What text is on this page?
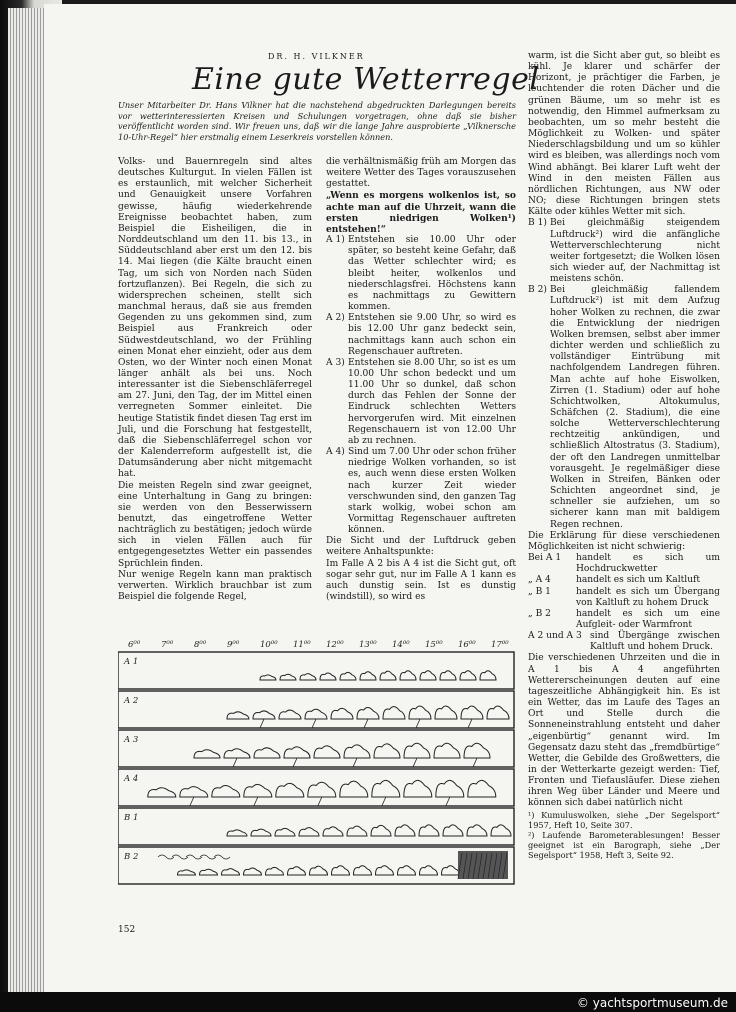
DR. H. VILKNER
Eine gute Wetterregel
Unser Mitarbeiter Dr. Hans Vilkner hat die nachstehend abgedruckten Darlegungen bereits vor wetterinteressierten Kreisen und Schulungen vorgetragen, ohne daß sie bisher veröffentlicht worden sind. Wir freuen uns, daß wir die lange Jahre ausprobierte „Vilknersche 10-Uhr-Regel“ hier erstmalig einem Leserkreis vorstellen können.

Volks- und Bauernregeln sind altes deutsches Kulturgut. In vielen Fällen ist es erstaunlich, mit welcher Sicherheit und Genauigkeit unsere Vorfahren gewisse, häufig wiederkehrende Ereignisse beobachtet haben, zum Beispiel die Eisheiligen, die in Norddeutschland um den 11. bis 13., in Süddeutschland aber erst um den 12. bis 14. Mai liegen (die Kälte braucht einen Tag, um sich von Norden nach Süden fortzuflanzen). Bei Regeln, die sich zu widersprechen scheinen, stellt sich manchmal heraus, daß sie aus fremden Gegenden zu uns gekommen sind, zum Beispiel aus Frankreich oder Südwestdeutschland, wo der Frühling einen Monat eher einzieht, oder aus dem Osten, wo der Winter noch einen Monat länger anhält als bei uns. Noch interessanter ist die Siebenschläferregel am 27. Juni, den Tag, der im Mittel einen verregneten Sommer einleitet. Die heutige Statistik findet diesen Tag erst im Juli, und die Forschung hat festgestellt, daß die Siebenschläferregel schon vor der Kalenderreform aufgestellt ist, die Datumsänderung aber nicht mitgemacht hat.

Die meisten Regeln sind zwar geeignet, eine Unterhaltung in Gang zu bringen: sie werden von den Besserwissern benutzt, das eingetroffene Wetter nachträglich zu bestätigen; jedoch würde sich in vielen Fällen auch für entgegengesetztes Wetter ein passendes Sprüchlein finden.

Nur wenige Regeln kann man praktisch verwerten. Wirklich brauchbar ist zum Beispiel die folgende Regel,

die verhältnismäßig früh am Morgen das weitere Wetter des Tages vorauszusehen gestattet.

„Wenn es morgens wolkenlos ist, so achte man auf die Uhrzeit, wann die ersten niedrigen Wolken¹) entstehen!“

A 1) Entstehen sie 10.00 Uhr oder später, so besteht keine Gefahr, daß das Wetter schlechter wird; es bleibt heiter, wolkenlos und niederschlagsfrei. Höchstens kann es nachmittags zu Gewittern kommen.
A 2) Entstehen sie 9.00 Uhr, so wird es bis 12.00 Uhr ganz bedeckt sein, nachmittags kann auch schon ein Regenschauer auftreten.
A 3) Entstehen sie 8.00 Uhr, so ist es um 10.00 Uhr schon bedeckt und um 11.00 Uhr so dunkel, daß schon durch das Fehlen der Sonne der Eindruck schlechten Wetters hervorgerufen wird. Mit einzelnen Regenschauern ist von 12.00 Uhr ab zu rechnen.
A 4) Sind um 7.00 Uhr oder schon früher niedrige Wolken vorhanden, so ist es, auch wenn diese ersten Wolken nach kurzer Zeit wieder verschwunden sind, den ganzen Tag stark wolkig, wobei schon am Vormittag Regenschauer auftreten können.

Die Sicht und der Luftdruck geben weitere Anhaltspunkte:

Im Falle A 2 bis A 4 ist die Sicht gut, oft sogar sehr gut, nur im Falle A 1 kann es auch dunstig sein. Ist es dunstig (windstill), so wird es

warm, ist die Sicht aber gut, so bleibt es kühl. Je klarer und schärfer der Horizont, je prächtiger die Farben, je leuchtender die roten Dächer und die grünen Bäume, um so mehr ist es notwendig, den Himmel aufmerksam zu beobachten, um so mehr besteht die Möglichkeit zu Wolken- und später Niederschlagsbildung und um so kühler wird es bleiben, was allerdings noch vom Wind abhängt. Bei klarer Luft weht der Wind in den meisten Fällen aus nördlichen Richtungen, aus NW oder NO; diese Richtungen bringen stets Kälte oder kühles Wetter mit sich.

B 1) Bei gleichmäßig steigendem Luftdruck²) wird die anfängliche Wetterverschlechterung nicht weiter fortgesetzt; die Wolken lösen sich wieder auf, der Nachmittag ist meistens schön.
B 2) Bei gleichmäßig fallendem Luftdruck²) ist mit dem Aufzug hoher Wolken zu rechnen, die zwar die Entwicklung der niedrigen Wolken bremsen, selbst aber immer dichter werden und schließlich zu vollständiger Eintrübung mit nachfolgendem Landregen führen. Man achte auf hohe Eiswolken, Zirren (1. Stadium) oder auf hohe Schichtwolken, Altokumulus, Schäfchen (2. Stadium), die eine solche Wetterverschlechterung rechtzeitig ankündigen, und schließlich Altostratus (3. Stadium), der oft den Landregen unmittelbar vorausgeht. Je regelmäßiger diese Wolken in Streifen, Bänken oder Schichten angeordnet sind, je schneller sie aufziehen, um so sicherer kann man mit baldigem Regen rechnen.

Die Erklärung für diese verschiedenen Möglichkeiten ist nicht schwierig:

Bei A 1	handelt es sich um Hochdruckwetter
„ A 4	handelt es sich um Kaltluft
„ B 1	handelt es sich um Übergang von Kaltluft zu hohem Druck
„ B 2	handelt es sich um eine Aufgleit- oder Warmfront
A 2 und A 3 sind Übergänge zwischen Kaltluft und hohem Druck.

Die verschiedenen Uhrzeiten und die in A 1 bis A 4 angeführten Wettererscheinungen deuten auf eine tageszeitliche Abhängigkeit hin. Es ist ein Wetter, das im Laufe des Tages an Ort und Stelle durch die Sonneneinstrahlung entsteht und daher „eigenbürtig“ genannt wird. Im Gegensatz dazu steht das „fremdbürtige“ Wetter, die Gebilde des Großwetters, die in der Wetterkarte gezeigt werden: Tief, Fronten und Tiefausläufer. Diese ziehen ihren Weg über Länder und Meere und können sich dabei natürlich nicht

¹) Kumuluswolken, siehe „Der Segelsport“ 1957, Heft 10, Seite 307.

²) Laufende Barometerablesungen! Besser geeignet ist ein Barograph, siehe „Der Segelsport“ 1958, Heft 3, Seite 92.

6⁰⁰ 7⁰⁰ 8⁰⁰ 9⁰⁰ 10⁰⁰ 11⁰⁰ 12⁰⁰ 13⁰⁰ 14⁰⁰ 15⁰⁰ 16⁰⁰ 17⁰⁰
A 1
A 2
A 3
A 4
B 1
B 2
152
© yachtsportmuseum.de
